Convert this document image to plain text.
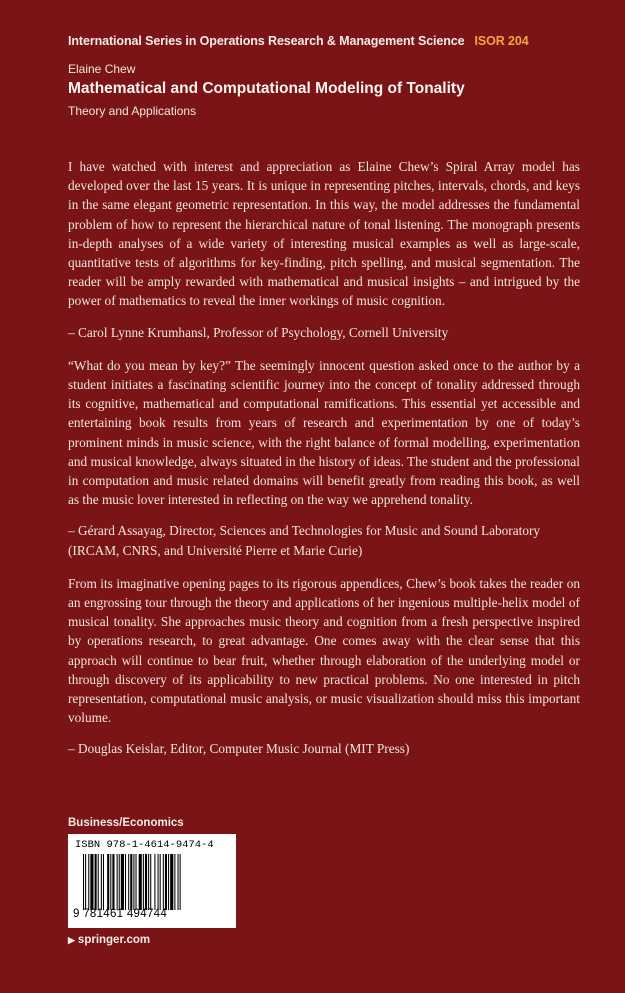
International Series in Operations Research & Management Science ISOR 204
Elaine Chew
Mathematical and Computational Modeling of Tonality
Theory and Applications

I have watched with interest and appreciation as Elaine Chew’s Spiral Array model has developed over the last 15 years. It is unique in representing pitches, intervals, chords, and keys in the same elegant geometric representation. In this way, the model addresses the fundamental problem of how to represent the hierarchical nature of tonal listening. The monograph presents in-depth analyses of a wide variety of interesting musical examples as well as large-scale, quantitative tests of algorithms for key-finding, pitch spelling, and musical segmentation. The reader will be amply rewarded with mathematical and musical insights – and intrigued by the power of mathematics to reveal the inner workings of music cognition.

– Carol Lynne Krumhansl, Professor of Psychology, Cornell University

“What do you mean by key?” The seemingly innocent question asked once to the author by a student initiates a fascinating scientific journey into the concept of tonality addressed through its cognitive, mathematical and computational ramifications. This essential yet accessible and entertaining book results from years of research and experimentation by one of today’s prominent minds in music science, with the right balance of formal modelling, experimentation and musical knowledge, always situated in the history of ideas. The student and the professional in computation and music related domains will benefit greatly from reading this book, as well as the music lover interested in reflecting on the way we apprehend tonality.

– Gérard Assayag, Director, Sciences and Technologies for Music and Sound Laboratory (IRCAM, CNRS, and Université Pierre et Marie Curie)

From its imaginative opening pages to its rigorous appendices, Chew’s book takes the reader on an engrossing tour through the theory and applications of her ingenious multiple-helix model of musical tonality. She approaches music theory and cognition from a fresh perspective inspired by operations research, to great advantage. One comes away with the clear sense that this approach will continue to bear fruit, whether through elaboration of the underlying model or through discovery of its applicability to new practical problems. No one interested in pitch representation, computational music analysis, or music visualization should miss this important volume.

– Douglas Keislar, Editor, Computer Music Journal (MIT Press)

Business/Economics
ISBN 978-1-4614-9474-4
9 781461 494744
▶ springer.com
